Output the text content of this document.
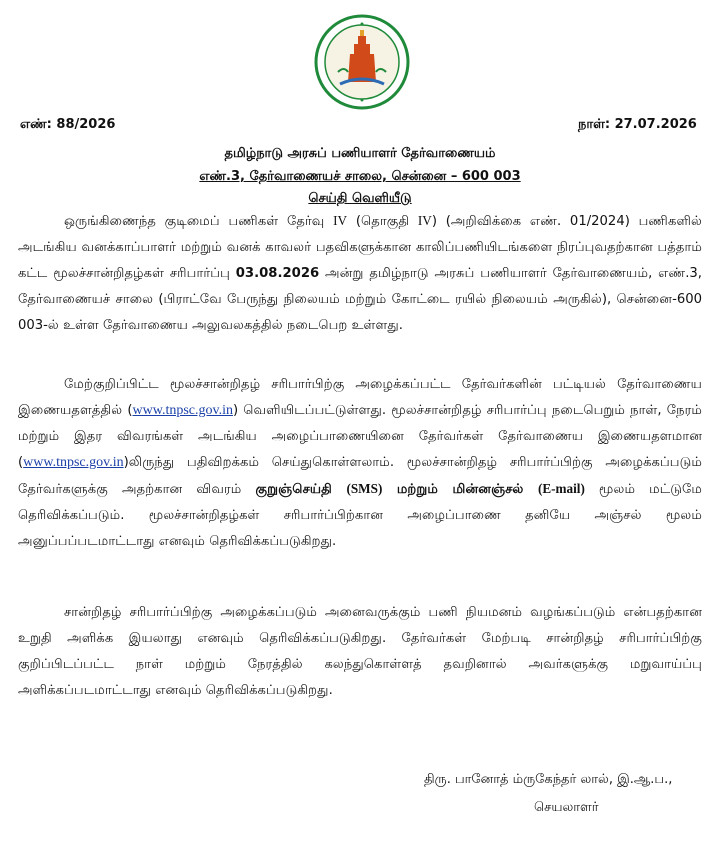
எண்: 88/2026	நாள்: 27.07.2026
தமிழ்நாடு அரசுப் பணியாளர் தேர்வாணையம்
எண்.3, தேர்வாணையச் சாலை, சென்னை – 600 003
செய்தி வெளியீடு

ஒருங்கிணைந்த குடிமைப் பணிகள் தேர்வு IV (தொகுதி IV) (அறிவிக்கை எண். 01/2024) பணிகளில் அடங்கிய வனக்காப்பாளர் மற்றும் வனக் காவலர் பதவிகளுக்கான காலிப்பணியிடங்களை நிரப்புவதற்கான பத்தாம் கட்ட மூலச்சான்றிதழ்கள் சரிபார்ப்பு 03.08.2026 அன்று தமிழ்நாடு அரசுப் பணியாளர் தேர்வாணையம், எண்.3, தேர்வாணையச் சாலை (பிராட்வே பேருந்து நிலையம் மற்றும் கோட்டை ரயில் நிலையம் அருகில்), சென்னை-600 003-ல் உள்ள தேர்வாணைய அலுவலகத்தில் நடைபெற உள்ளது.

மேற்குறிப்பிட்ட மூலச்சான்றிதழ் சரிபார்பிற்கு அழைக்கப்பட்ட தேர்வர்களின் பட்டியல் தேர்வாணைய இணையதளத்தில் (www.tnpsc.gov.in) வெளியிடப்பட்டுள்ளது. மூலச்சான்றிதழ் சரிபார்ப்பு நடைபெறும் நாள், நேரம் மற்றும் இதர விவரங்கள் அடங்கிய அழைப்பாணையினை தேர்வர்கள் தேர்வாணைய இணையதளமான (www.tnpsc.gov.in)லிருந்து பதிவிறக்கம் செய்துகொள்ளலாம். மூலச்சான்றிதழ் சரிபார்ப்பிற்கு அழைக்கப்படும் தேர்வர்களுக்கு அதற்கான விவரம் குறுஞ்செய்தி (SMS) மற்றும் மின்னஞ்சல் (E-mail) மூலம் மட்டுமே தெரிவிக்கப்படும். மூலச்சான்றிதழ்கள் சரிபார்ப்பிற்கான அழைப்பாணை தனியே அஞ்சல் மூலம் அனுப்பப்படமாட்டாது எனவும் தெரிவிக்கப்படுகிறது.

சான்றிதழ் சரிபார்ப்பிற்கு அழைக்கப்படும் அனைவருக்கும் பணி நியமனம் வழங்கப்படும் என்பதற்கான உறுதி அளிக்க இயலாது எனவும் தெரிவிக்கப்படுகிறது. தேர்வர்கள் மேற்படி சான்றிதழ் சரிபார்ப்பிற்கு குறிப்பிடப்பட்ட நாள் மற்றும் நேரத்தில் கலந்துகொள்ளத் தவறினால் அவர்களுக்கு மறுவாய்ப்பு அளிக்கப்படமாட்டாது எனவும் தெரிவிக்கப்படுகிறது.

திரு. பானோத் ம்ருகேந்தர் லால், இ.ஆ.ப.,
செயலாளர்
